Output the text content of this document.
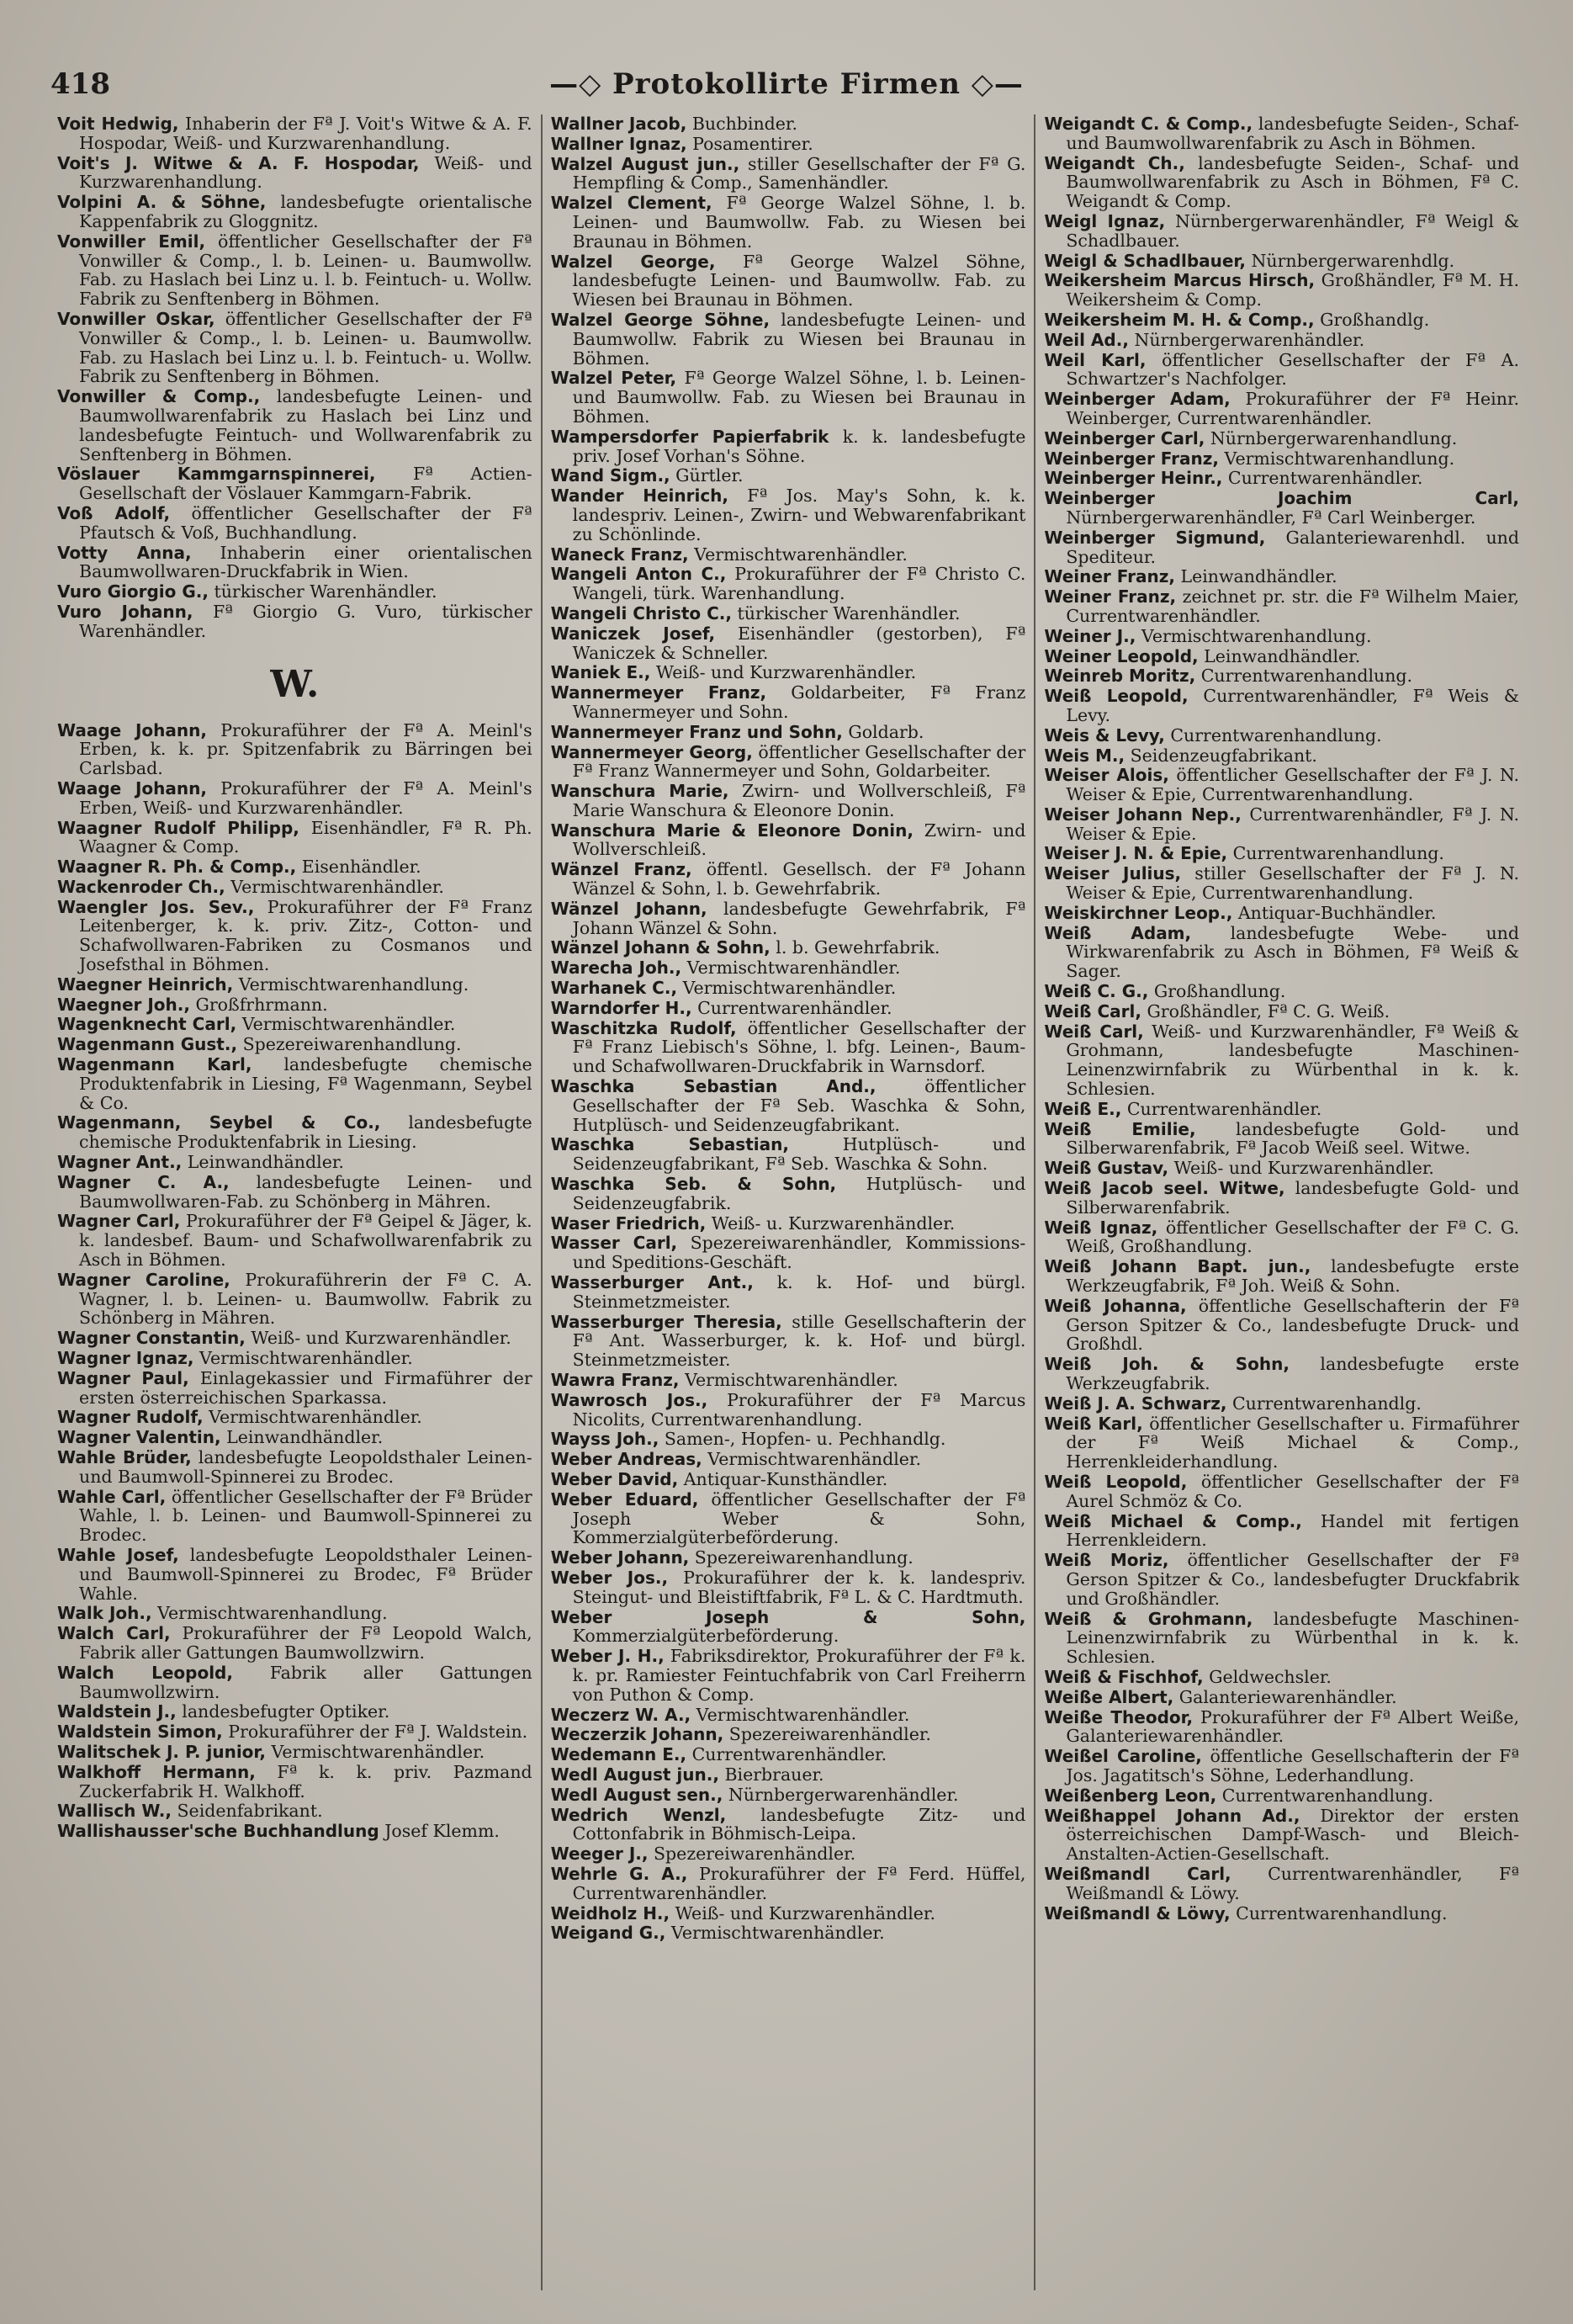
418	—◇ Protokollirte Firmen ◇—

Voit Hedwig, Inhaberin der Fª J. Voit's Witwe & A. F. Hospodar, Weiß- und Kurzwarenhandlung.

Voit's J. Witwe & A. F. Hospodar, Weiß- und Kurzwarenhandlung.

Volpini A. & Söhne, landesbefugte orientalische Kappenfabrik zu Gloggnitz.

Vonwiller Emil, öffentlicher Gesellschafter der Fª Vonwiller & Comp., l. b. Leinen- u. Baumwollw. Fab. zu Haslach bei Linz u. l. b. Feintuch- u. Wollw. Fabrik zu Senftenberg in Böhmen.

Vonwiller Oskar, öffentlicher Gesellschafter der Fª Vonwiller & Comp., l. b. Leinen- u. Baumwollw. Fab. zu Haslach bei Linz u. l. b. Feintuch- u. Wollw. Fabrik zu Senftenberg in Böhmen.

Vonwiller & Comp., landesbefugte Leinen- und Baumwollwarenfabrik zu Haslach bei Linz und landesbefugte Feintuch- und Wollwarenfabrik zu Senftenberg in Böhmen.

Vöslauer Kammgarnspinnerei, Fª Actien-Gesellschaft der Vöslauer Kammgarn-Fabrik.

Voß Adolf, öffentlicher Gesellschafter der Fª Pfautsch & Voß, Buchhandlung.

Votty Anna, Inhaberin einer orientalischen Baumwollwaren-Druckfabrik in Wien.

Vuro Giorgio G., türkischer Warenhändler.

Vuro Johann, Fª Giorgio G. Vuro, türkischer Warenhändler.

W.

Waage Johann, Prokuraführer der Fª A. Meinl's Erben, k. k. pr. Spitzenfabrik zu Bärringen bei Carlsbad.

Waage Johann, Prokuraführer der Fª A. Meinl's Erben, Weiß- und Kurzwarenhändler.

Waagner Rudolf Philipp, Eisenhändler, Fª R. Ph. Waagner & Comp.

Waagner R. Ph. & Comp., Eisenhändler.

Wackenroder Ch., Vermischtwarenhändler.

Waengler Jos. Sev., Prokuraführer der Fª Franz Leitenberger, k. k. priv. Zitz-, Cotton- und Schafwollwaren-Fabriken zu Cosmanos und Josefsthal in Böhmen.

Waegner Heinrich, Vermischtwarenhandlung.

Waegner Joh., Großfrhrmann.

Wagenknecht Carl, Vermischtwarenhändler.

Wagenmann Gust., Spezereiwarenhandlung.

Wagenmann Karl, landesbefugte chemische Produktenfabrik in Liesing, Fª Wagenmann, Seybel & Co.

Wagenmann, Seybel & Co., landesbefugte chemische Produktenfabrik in Liesing.

Wagner Ant., Leinwandhändler.

Wagner C. A., landesbefugte Leinen- und Baumwollwaren-Fab. zu Schönberg in Mähren.

Wagner Carl, Prokuraführer der Fª Geipel & Jäger, k. k. landesbef. Baum- und Schafwollwarenfabrik zu Asch in Böhmen.

Wagner Caroline, Prokuraführerin der Fª C. A. Wagner, l. b. Leinen- u. Baumwollw. Fabrik zu Schönberg in Mähren.

Wagner Constantin, Weiß- und Kurzwarenhändler.

Wagner Ignaz, Vermischtwarenhändler.

Wagner Paul, Einlagekassier und Firmaführer der ersten österreichischen Sparkassa.

Wagner Rudolf, Vermischtwarenhändler.

Wagner Valentin, Leinwandhändler.

Wahle Brüder, landesbefugte Leopoldsthaler Leinen- und Baumwoll-Spinnerei zu Brodec.

Wahle Carl, öffentlicher Gesellschafter der Fª Brüder Wahle, l. b. Leinen- und Baumwoll-Spinnerei zu Brodec.

Wahle Josef, landesbefugte Leopoldsthaler Leinen- und Baumwoll-Spinnerei zu Brodec, Fª Brüder Wahle.

Walk Joh., Vermischtwarenhandlung.

Walch Carl, Prokuraführer der Fª Leopold Walch, Fabrik aller Gattungen Baumwollzwirn.

Walch Leopold, Fabrik aller Gattungen Baumwollzwirn.

Waldstein J., landesbefugter Optiker.

Waldstein Simon, Prokuraführer der Fª J. Waldstein.

Walitschek J. P. junior, Vermischtwarenhändler.

Walkhoff Hermann, Fª k. k. priv. Pazmand Zuckerfabrik H. Walkhoff.

Wallisch W., Seidenfabrikant.

Wallishausser'sche Buchhandlung Josef Klemm.

Wallner Jacob, Buchbinder.

Wallner Ignaz, Posamentirer.

Walzel August jun., stiller Gesellschafter der Fª G. Hempfling & Comp., Samenhändler.

Walzel Clement, Fª George Walzel Söhne, l. b. Leinen- und Baumwollw. Fab. zu Wiesen bei Braunau in Böhmen.

Walzel George, Fª George Walzel Söhne, landesbefugte Leinen- und Baumwollw. Fab. zu Wiesen bei Braunau in Böhmen.

Walzel George Söhne, landesbefugte Leinen- und Baumwollw. Fabrik zu Wiesen bei Braunau in Böhmen.

Walzel Peter, Fª George Walzel Söhne, l. b. Leinen- und Baumwollw. Fab. zu Wiesen bei Braunau in Böhmen.

Wampersdorfer Papierfabrik k. k. landesbefugte priv. Josef Vorhan's Söhne.

Wand Sigm., Gürtler.

Wander Heinrich, Fª Jos. May's Sohn, k. k. landespriv. Leinen-, Zwirn- und Webwarenfabrikant zu Schönlinde.

Waneck Franz, Vermischtwarenhändler.

Wangeli Anton C., Prokuraführer der Fª Christo C. Wangeli, türk. Warenhandlung.

Wangeli Christo C., türkischer Warenhändler.

Waniczek Josef, Eisenhändler (gestorben), Fª Waniczek & Schneller.

Waniek E., Weiß- und Kurzwarenhändler.

Wannermeyer Franz, Goldarbeiter, Fª Franz Wannermeyer und Sohn.

Wannermeyer Franz und Sohn, Goldarb.

Wannermeyer Georg, öffentlicher Gesellschafter der Fª Franz Wannermeyer und Sohn, Goldarbeiter.

Wanschura Marie, Zwirn- und Wollverschleiß, Fª Marie Wanschura & Eleonore Donin.

Wanschura Marie & Eleonore Donin, Zwirn- und Wollverschleiß.

Wänzel Franz, öffentl. Gesellsch. der Fª Johann Wänzel & Sohn, l. b. Gewehrfabrik.

Wänzel Johann, landesbefugte Gewehrfabrik, Fª Johann Wänzel & Sohn.

Wänzel Johann & Sohn, l. b. Gewehrfabrik.

Warecha Joh., Vermischtwarenhändler.

Warhanek C., Vermischtwarenhändler.

Warndorfer H., Currentwarenhändler.

Waschitzka Rudolf, öffentlicher Gesellschafter der Fª Franz Liebisch's Söhne, l. bfg. Leinen-, Baum- und Schafwollwaren-Druckfabrik in Warnsdorf.

Waschka Sebastian And., öffentlicher Gesellschafter der Fª Seb. Waschka & Sohn, Hutplüsch- und Seidenzeugfabrikant.

Waschka Sebastian, Hutplüsch- und Seidenzeugfabrikant, Fª Seb. Waschka & Sohn.

Waschka Seb. & Sohn, Hutplüsch- und Seidenzeugfabrik.

Waser Friedrich, Weiß- u. Kurzwarenhändler.

Wasser Carl, Spezereiwarenhändler, Kommissions- und Speditions-Geschäft.

Wasserburger Ant., k. k. Hof- und bürgl. Steinmetzmeister.

Wasserburger Theresia, stille Gesellschafterin der Fª Ant. Wasserburger, k. k. Hof- und bürgl. Steinmetzmeister.

Wawra Franz, Vermischtwarenhändler.

Wawrosch Jos., Prokuraführer der Fª Marcus Nicolits, Currentwarenhandlung.

Wayss Joh., Samen-, Hopfen- u. Pechhandlg.

Weber Andreas, Vermischtwarenhändler.

Weber David, Antiquar-Kunsthändler.

Weber Eduard, öffentlicher Gesellschafter der Fª Joseph Weber & Sohn, Kommerzialgüterbeförderung.

Weber Johann, Spezereiwarenhandlung.

Weber Jos., Prokuraführer der k. k. landespriv. Steingut- und Bleistiftfabrik, Fª L. & C. Hardtmuth.

Weber Joseph & Sohn, Kommerzialgüterbeförderung.

Weber J. H., Fabriksdirektor, Prokuraführer der Fª k. k. pr. Ramiester Feintuchfabrik von Carl Freiherrn von Puthon & Comp.

Weczerz W. A., Vermischtwarenhändler.

Weczerzik Johann, Spezereiwarenhändler.

Wedemann E., Currentwarenhändler.

Wedl August jun., Bierbrauer.

Wedl August sen., Nürnbergerwarenhändler.

Wedrich Wenzl, landesbefugte Zitz- und Cottonfabrik in Böhmisch-Leipa.

Weeger J., Spezereiwarenhändler.

Wehrle G. A., Prokuraführer der Fª Ferd. Hüffel, Currentwarenhändler.

Weidholz H., Weiß- und Kurzwarenhändler.

Weigand G., Vermischtwarenhändler.

Weigandt C. & Comp., landesbefugte Seiden-, Schaf- und Baumwollwarenfabrik zu Asch in Böhmen.

Weigandt Ch., landesbefugte Seiden-, Schaf- und Baumwollwarenfabrik zu Asch in Böhmen, Fª C. Weigandt & Comp.

Weigl Ignaz, Nürnbergerwarenhändler, Fª Weigl & Schadlbauer.

Weigl & Schadlbauer, Nürnbergerwarenhdlg.

Weikersheim Marcus Hirsch, Großhändler, Fª M. H. Weikersheim & Comp.

Weikersheim M. H. & Comp., Großhandlg.

Weil Ad., Nürnbergerwarenhändler.

Weil Karl, öffentlicher Gesellschafter der Fª A. Schwartzer's Nachfolger.

Weinberger Adam, Prokuraführer der Fª Heinr. Weinberger, Currentwarenhändler.

Weinberger Carl, Nürnbergerwarenhandlung.

Weinberger Franz, Vermischtwarenhandlung.

Weinberger Heinr., Currentwarenhändler.

Weinberger Joachim Carl, Nürnbergerwarenhändler, Fª Carl Weinberger.

Weinberger Sigmund, Galanteriewarenhdl. und Spediteur.

Weiner Franz, Leinwandhändler.

Weiner Franz, zeichnet pr. str. die Fª Wilhelm Maier, Currentwarenhändler.

Weiner J., Vermischtwarenhandlung.

Weiner Leopold, Leinwandhändler.

Weinreb Moritz, Currentwarenhandlung.

Weiß Leopold, Currentwarenhändler, Fª Weis & Levy.

Weis & Levy, Currentwarenhandlung.

Weis M., Seidenzeugfabrikant.

Weiser Alois, öffentlicher Gesellschafter der Fª J. N. Weiser & Epie, Currentwarenhandlung.

Weiser Johann Nep., Currentwarenhändler, Fª J. N. Weiser & Epie.

Weiser J. N. & Epie, Currentwarenhandlung.

Weiser Julius, stiller Gesellschafter der Fª J. N. Weiser & Epie, Currentwarenhandlung.

Weiskirchner Leop., Antiquar-Buchhändler.

Weiß Adam, landesbefugte Webe- und Wirkwarenfabrik zu Asch in Böhmen, Fª Weiß & Sager.

Weiß C. G., Großhandlung.

Weiß Carl, Großhändler, Fª C. G. Weiß.

Weiß Carl, Weiß- und Kurzwarenhändler, Fª Weiß & Grohmann, landesbefugte Maschinen-Leinenzwirnfabrik zu Würbenthal in k. k. Schlesien.

Weiß E., Currentwarenhändler.

Weiß Emilie, landesbefugte Gold- und Silberwarenfabrik, Fª Jacob Weiß seel. Witwe.

Weiß Gustav, Weiß- und Kurzwarenhändler.

Weiß Jacob seel. Witwe, landesbefugte Gold- und Silberwarenfabrik.

Weiß Ignaz, öffentlicher Gesellschafter der Fª C. G. Weiß, Großhandlung.

Weiß Johann Bapt. jun., landesbefugte erste Werkzeugfabrik, Fª Joh. Weiß & Sohn.

Weiß Johanna, öffentliche Gesellschafterin der Fª Gerson Spitzer & Co., landesbefugte Druck- und Großhdl.

Weiß Joh. & Sohn, landesbefugte erste Werkzeugfabrik.

Weiß J. A. Schwarz, Currentwarenhandlg.

Weiß Karl, öffentlicher Gesellschafter u. Firmaführer der Fª Weiß Michael & Comp., Herrenkleiderhandlung.

Weiß Leopold, öffentlicher Gesellschafter der Fª Aurel Schmöz & Co.

Weiß Michael & Comp., Handel mit fertigen Herrenkleidern.

Weiß Moriz, öffentlicher Gesellschafter der Fª Gerson Spitzer & Co., landesbefugter Druckfabrik und Großhändler.

Weiß & Grohmann, landesbefugte Maschinen-Leinenzwirnfabrik zu Würbenthal in k. k. Schlesien.

Weiß & Fischhof, Geldwechsler.

Weiße Albert, Galanteriewarenhändler.

Weiße Theodor, Prokuraführer der Fª Albert Weiße, Galanteriewarenhändler.

Weißel Caroline, öffentliche Gesellschafterin der Fª Jos. Jagatitsch's Söhne, Lederhandlung.

Weißenberg Leon, Currentwarenhandlung.

Weißhappel Johann Ad., Direktor der ersten österreichischen Dampf-Wasch- und Bleich-Anstalten-Actien-Gesellschaft.

Weißmandl Carl, Currentwarenhändler, Fª Weißmandl & Löwy.

Weißmandl & Löwy, Currentwarenhandlung.
